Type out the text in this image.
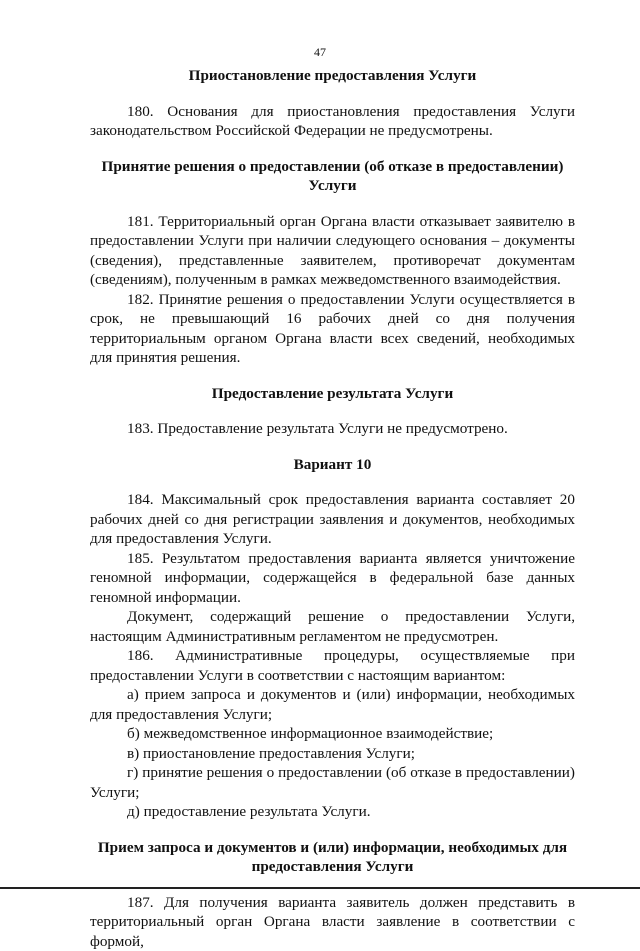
47
Приостановление предоставления Услуги

180. Основания для приостановления предоставления Услуги законодательством Российской Федерации не предусмотрены.

Принятие решения о предоставлении (об отказе в предоставлении) Услуги

181. Территориальный орган Органа власти отказывает заявителю в предоставлении Услуги при наличии следующего основания – документы (сведения), представленные заявителем, противоречат документам (сведениям), полученным в рамках межведомственного взаимодействия.

182. Принятие решения о предоставлении Услуги осуществляется в срок, не превышающий 16 рабочих дней со дня получения территориальным органом Органа власти всех сведений, необходимых для принятия решения.

Предоставление результата Услуги

183. Предоставление результата Услуги не предусмотрено.

Вариант 10

184. Максимальный срок предоставления варианта составляет 20 рабочих дней со дня регистрации заявления и документов, необходимых для предоставления Услуги.

185. Результатом предоставления варианта является уничтожение геномной информации, содержащейся в федеральной базе данных геномной информации.

Документ, содержащий решение о предоставлении Услуги, настоящим Административным регламентом не предусмотрен.

186. Административные процедуры, осуществляемые при предоставлении Услуги в соответствии с настоящим вариантом:

а) прием запроса и документов и (или) информации, необходимых для предоставления Услуги;

б) межведомственное информационное взаимодействие;

в) приостановление предоставления Услуги;

г) принятие решения о предоставлении (об отказе в предоставлении) Услуги;

д) предоставление результата Услуги.

Прием запроса и документов и (или) информации, необходимых для предоставления Услуги

187. Для получения варианта заявитель должен представить в территориальный орган Органа власти заявление в соответствии с формой,
